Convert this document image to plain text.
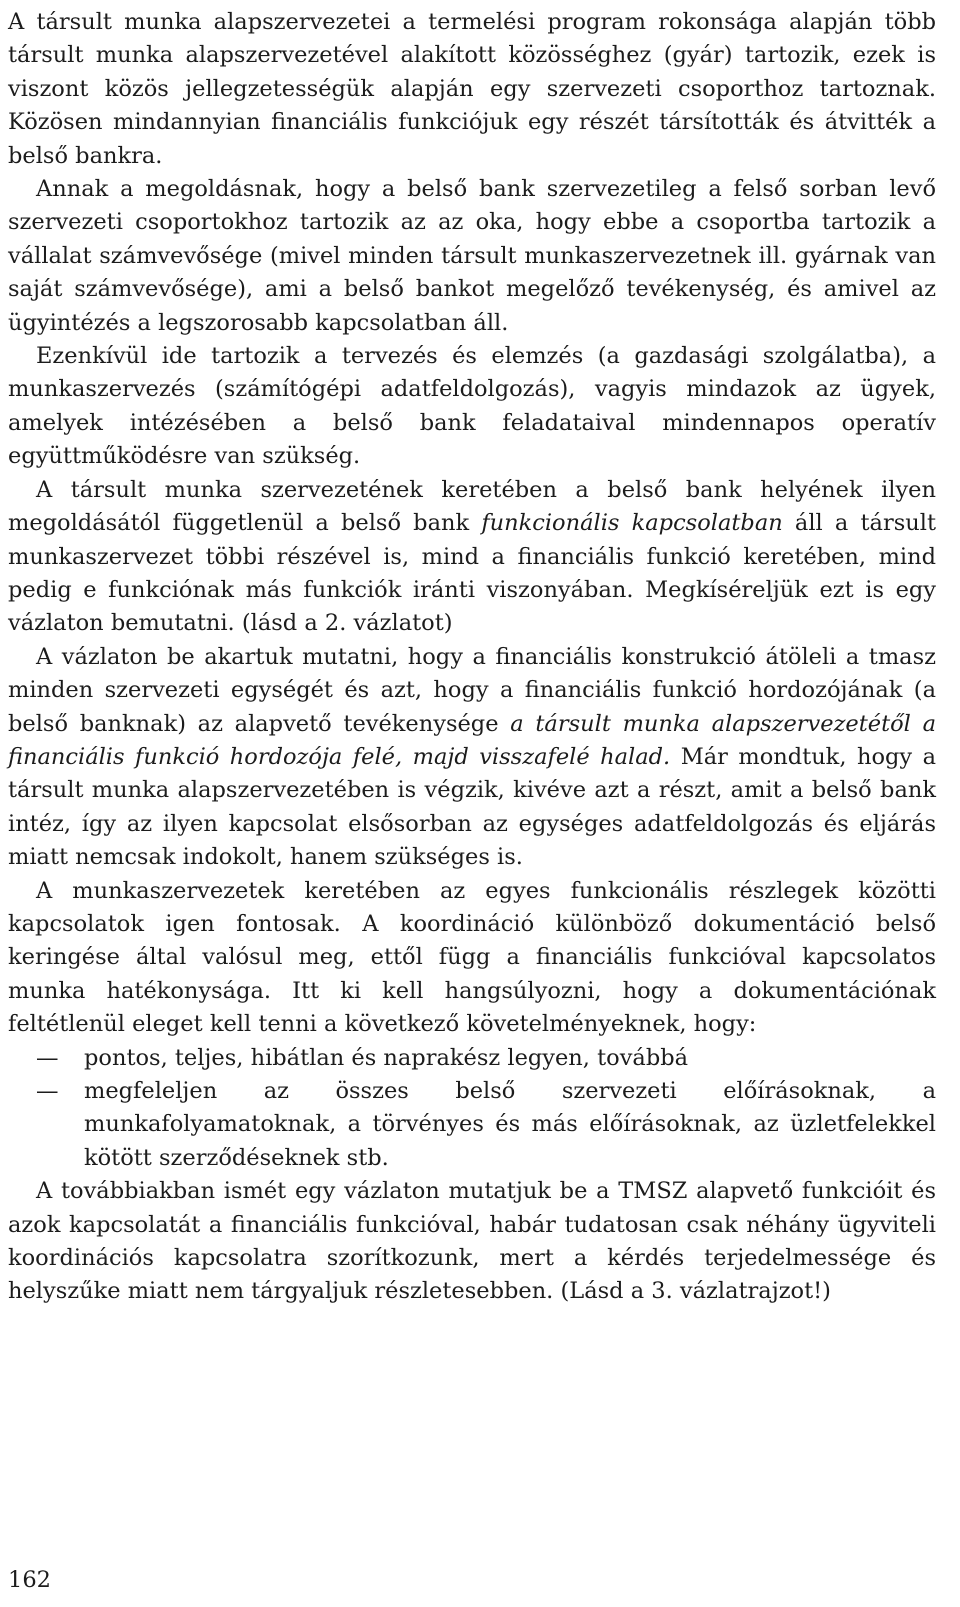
A társult munka alapszervezetei a termelési program rokonsága alapján több társult munka alapszervezetével alakított közösséghez (gyár) tartozik, ezek is viszont közös jellegzetességük alapján egy szervezeti csoporthoz tartoznak. Közösen mindannyian financiális funkciójuk egy részét társították és átvitték a belső bankra.

Annak a megoldásnak, hogy a belső bank szervezetileg a felső sorban levő szervezeti csoportokhoz tartozik az az oka, hogy ebbe a csoportba tartozik a vállalat számvevősége (mivel minden társult munkaszervezetnek ill. gyárnak van saját számvevősége), ami a belső bankot megelőző tevékenység, és amivel az ügyintézés a legszorosabb kapcsolatban áll.

Ezenkívül ide tartozik a tervezés és elemzés (a gazdasági szolgálatba), a munkaszervezés (számítógépi adatfeldolgozás), vagyis mindazok az ügyek, amelyek intézésében a belső bank feladataival mindennapos operatív együttműködésre van szükség.

A társult munka szervezetének keretében a belső bank helyének ilyen megoldásától függetlenül a belső bank funkcionális kapcsolatban áll a társult munkaszervezet többi részével is, mind a financiális funkció keretében, mind pedig e funkciónak más funkciók iránti viszonyában. Megkíséreljük ezt is egy vázlaton bemutatni. (lásd a 2. vázlatot)

A vázlaton be akartuk mutatni, hogy a financiális konstrukció átöleli a tmasz minden szervezeti egységét és azt, hogy a financiális funkció hordozójának (a belső banknak) az alapvető tevékenysége a társult munka alapszervezetétől a financiális funkció hordozója felé, majd visszafelé halad. Már mondtuk, hogy a társult munka alapszervezetében is végzik, kivéve azt a részt, amit a belső bank intéz, így az ilyen kapcsolat elsősorban az egységes adatfeldolgozás és eljárás miatt nemcsak indokolt, hanem szükséges is.

A munkaszervezetek keretében az egyes funkcionális részlegek közötti kapcsolatok igen fontosak. A koordináció különböző dokumentáció belső keringése által valósul meg, ettől függ a financiális funkcióval kapcsolatos munka hatékonysága. Itt ki kell hangsúlyozni, hogy a dokumentációnak feltétlenül eleget kell tenni a következő követelményeknek, hogy:

— pontos, teljes, hibátlan és naprakész legyen, továbbá
— megfeleljen az összes belső szervezeti előírásoknak, a munkafolyamatoknak, a törvényes és más előírásoknak, az üzletfelekkel kötött szerződéseknek stb.

A továbbiakban ismét egy vázlaton mutatjuk be a TMSZ alapvető funkcióit és azok kapcsolatát a financiális funkcióval, habár tudatosan csak néhány ügyviteli koordinációs kapcsolatra szorítkozunk, mert a kérdés terjedelmessége és helyszűke miatt nem tárgyaljuk részletesebben. (Lásd a 3. vázlatrajzot!)

162
